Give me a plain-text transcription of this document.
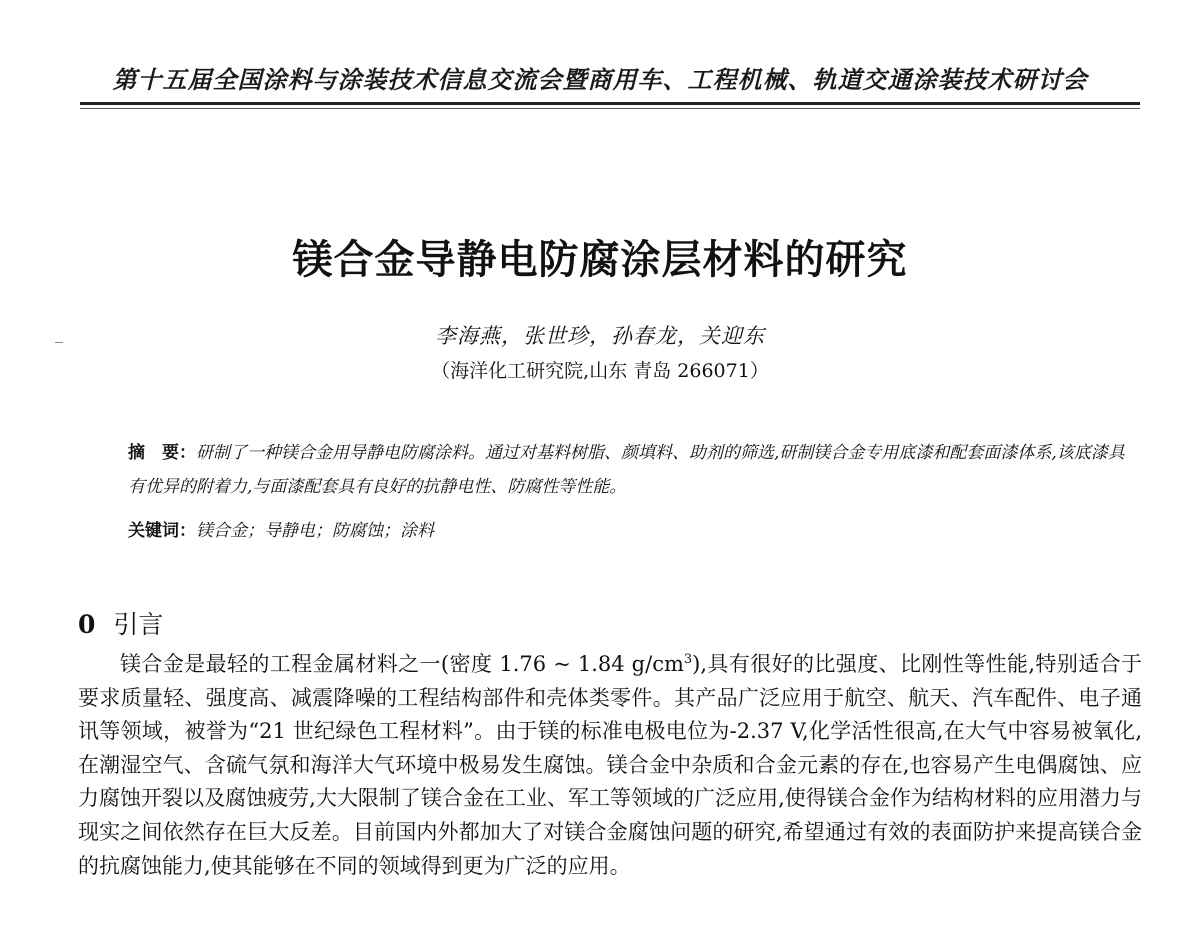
第十五届全国涂料与涂装技术信息交流会暨商用车、工程机械、轨道交通涂装技术研讨会
镁合金导静电防腐涂层材料的研究
李海燕，张世珍，孙春龙，关迎东
（海洋化工研究院,山东 青岛 266071）
摘　要：研制了一种镁合金用导静电防腐涂料。通过对基料树脂、颜填料、助剂的筛选,研制镁合金专用底漆和配套面漆体系,该底漆具有优异的附着力,与面漆配套具有良好的抗静电性、防腐性等性能。
关键词：镁合金；导静电；防腐蚀；涂料
0 引言

镁合金是最轻的工程金属材料之一(密度 1.76 ~ 1.84 $g/cm^3$),具有很好的比强度、比刚性等性能,特别适合于要求质量轻、强度高、减震降噪的工程结构部件和壳体类零件。其产品广泛应用于航空、航天、汽车配件、电子通讯等领域，被誉为“21 世纪绿色工程材料”。由于镁的标准电极电位为-2.37 V,化学活性很高,在大气中容易被氧化,在潮湿空气、含硫气氛和海洋大气环境中极易发生腐蚀。镁合金中杂质和合金元素的存在,也容易产生电偶腐蚀、应力腐蚀开裂以及腐蚀疲劳,大大限制了镁合金在工业、军工等领域的广泛应用,使得镁合金作为结构材料的应用潜力与现实之间依然存在巨大反差。目前国内外都加大了对镁合金腐蚀问题的研究,希望通过有效的表面防护来提高镁合金的抗腐蚀能力,使其能够在不同的领域得到更为广泛的应用。
